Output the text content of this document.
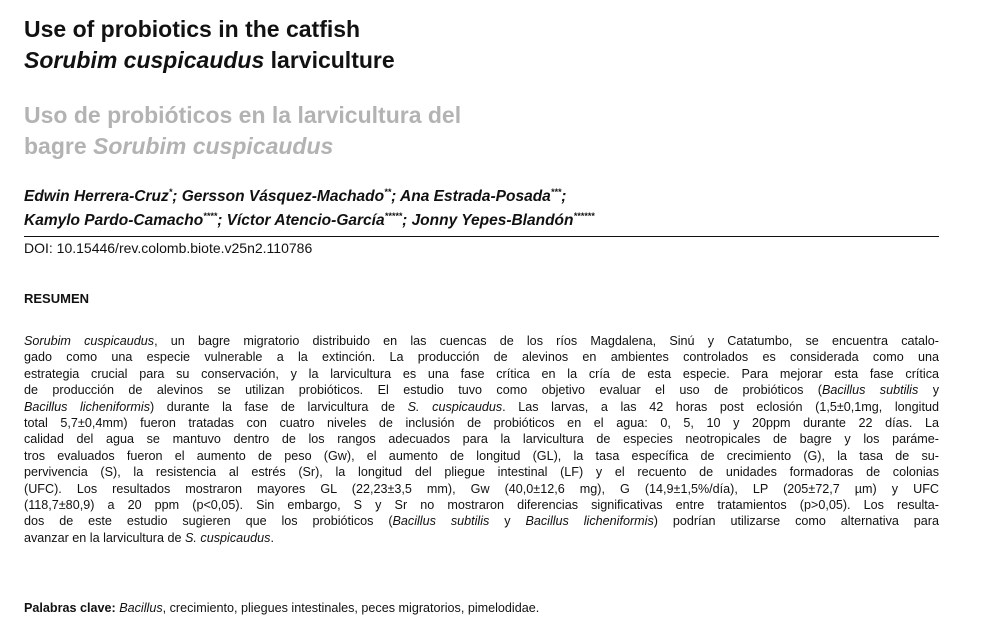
Use of probiotics in the catfish
Sorubim cuspicaudus larviculture
Uso de probióticos en la larvicultura del
bagre Sorubim cuspicaudus
Edwin Herrera-Cruz*; Gersson Vásquez-Machado**; Ana Estrada-Posada***;
Kamylo Pardo-Camacho****; Víctor Atencio-García*****; Jonny Yepes-Blandón******
DOI: 10.15446/rev.colomb.biote.v25n2.110786
RESUMEN
Sorubim cuspicaudus, un bagre migratorio distribuido en las cuencas de los ríos Magdalena, Sinú y Catatumbo, se encuentra catalo-
gado como una especie vulnerable a la extinción. La producción de alevinos en ambientes controlados es considerada como una
estrategia crucial para su conservación, y la larvicultura es una fase crítica en la cría de esta especie. Para mejorar esta fase crítica
de producción de alevinos se utilizan probióticos. El estudio tuvo como objetivo evaluar el uso de probióticos (Bacillus subtilis y
Bacillus licheniformis) durante la fase de larvicultura de S. cuspicaudus. Las larvas, a las 42 horas post eclosión (1,5±0,1mg, longitud
total 5,7±0,4mm) fueron tratadas con cuatro niveles de inclusión de probióticos en el agua: 0, 5, 10 y 20ppm durante 22 días. La
calidad del agua se mantuvo dentro de los rangos adecuados para la larvicultura de especies neotropicales de bagre y los paráme-
tros evaluados fueron el aumento de peso (Gw), el aumento de longitud (GL), la tasa específica de crecimiento (G), la tasa de su-
pervivencia (S), la resistencia al estrés (Sr), la longitud del pliegue intestinal (LF) y el recuento de unidades formadoras de colonias
(UFC). Los resultados mostraron mayores GL (22,23±3,5 mm), Gw (40,0±12,6 mg), G (14,9±1,5%/día), LP (205±72,7 µm) y UFC
(118,7±80,9) a 20 ppm (p<0,05). Sin embargo, S y Sr no mostraron diferencias significativas entre tratamientos (p>0,05). Los resulta-
dos de este estudio sugieren que los probióticos (Bacillus subtilis y Bacillus licheniformis) podrían utilizarse como alternativa para
avanzar en la larvicultura de S. cuspicaudus.
Palabras clave: Bacillus, crecimiento, pliegues intestinales, peces migratorios, pimelodidae.
